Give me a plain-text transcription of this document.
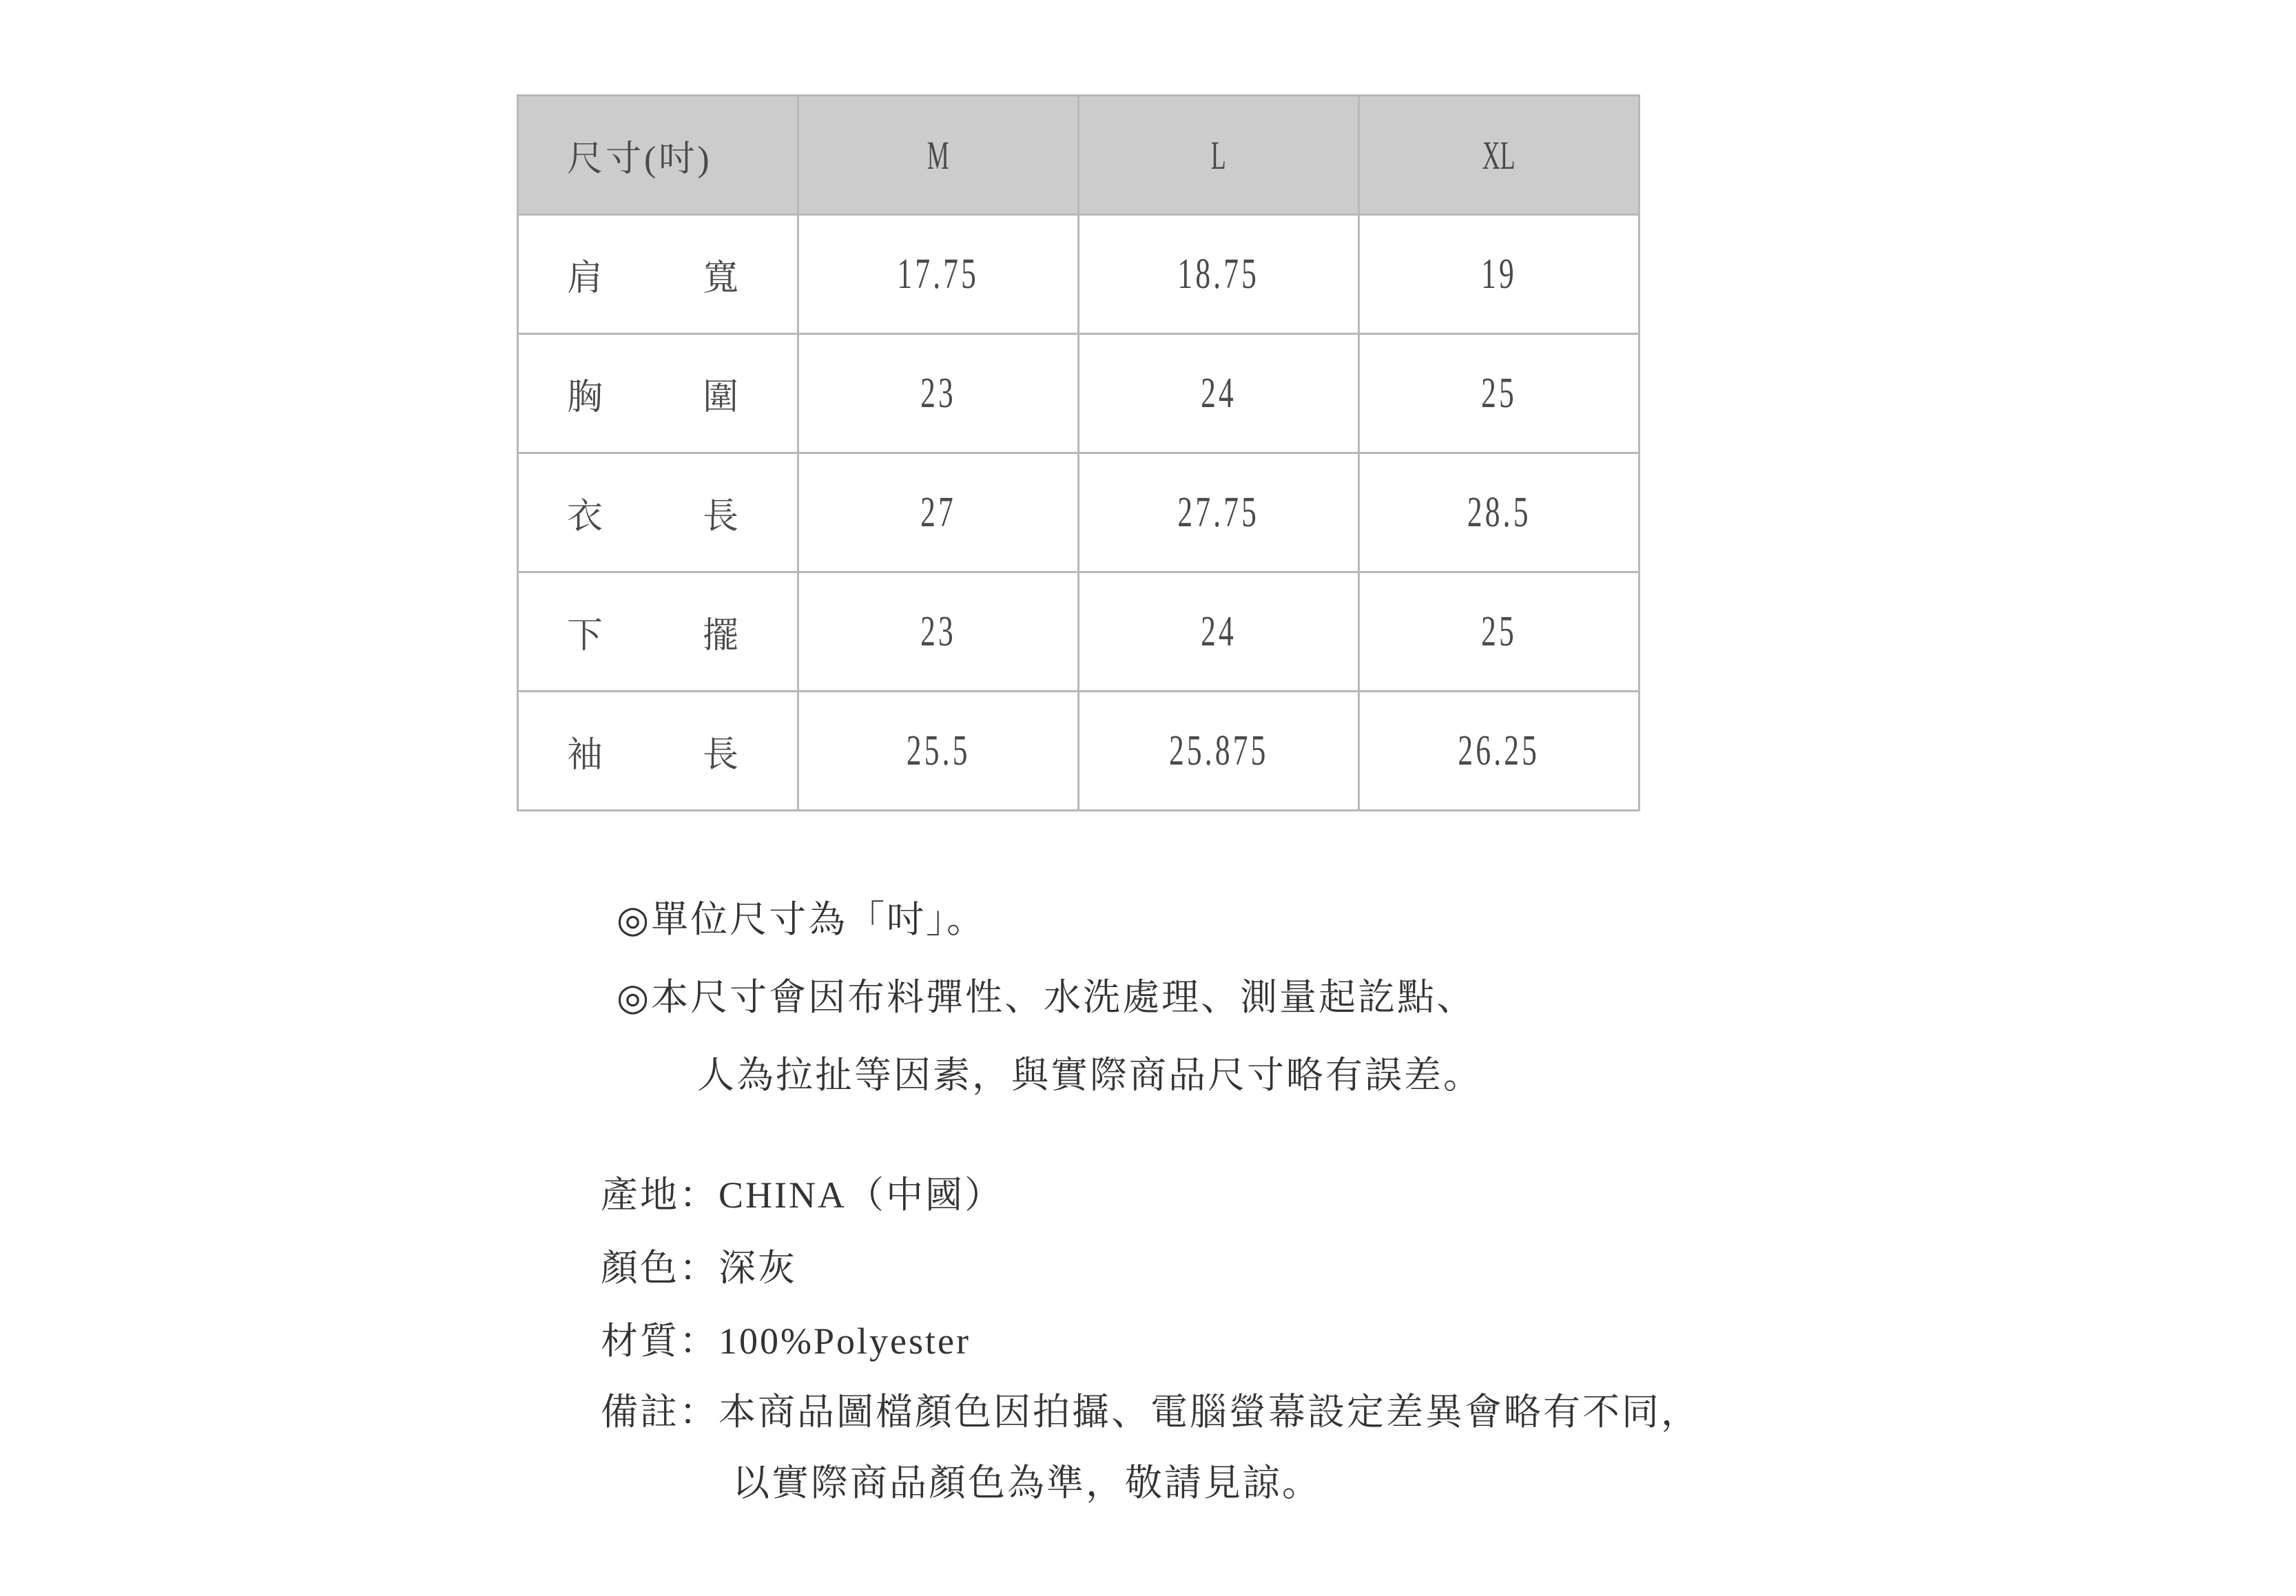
尺寸(吋)	M	L	XL

肩 寬	17.75	18.75	19

胸 圍	23	24	25

衣 長	27	27.75	28.5

下 擺	23	24	25

袖 長	25.5	25.875	26.25
◎單位尺寸為「吋」。
◎本尺寸會因布料彈性、水洗處理、測量起訖點、
人為拉扯等因素，與實際商品尺寸略有誤差。
產地：CHINA（中國）
顏色：深灰
材質：100%Polyester
備註：本商品圖檔顏色因拍攝、電腦螢幕設定差異會略有不同，
以實際商品顏色為準，敬請見諒。
